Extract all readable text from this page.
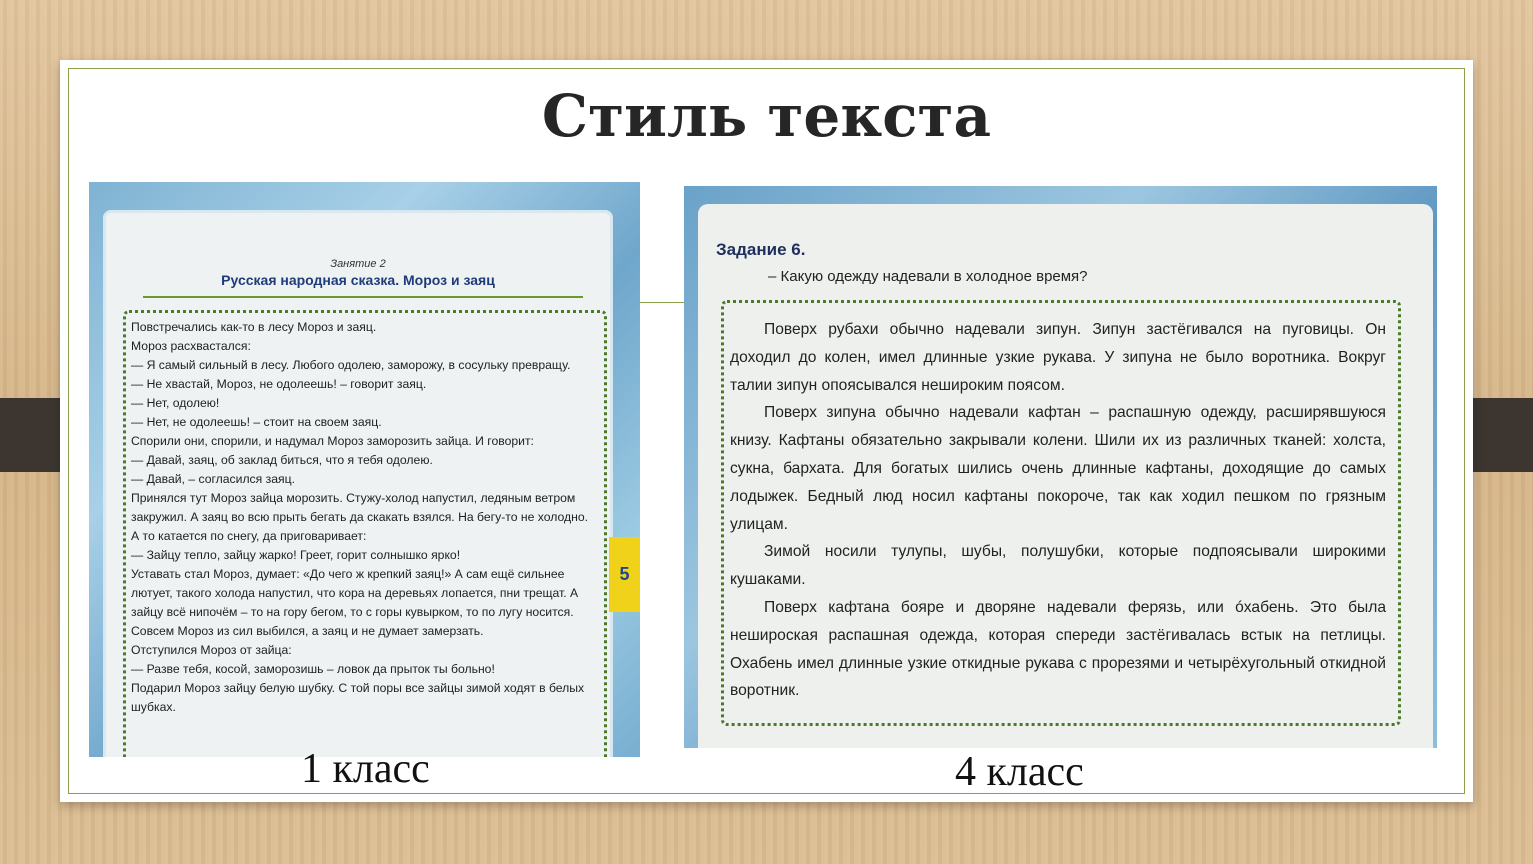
Стиль текста
Занятие 2
Русская народная сказка. Мороз и заяц

Повстречались как-то в лесу Мороз и заяц.

Мороз расхвастался:

— Я самый сильный в лесу. Любого одолею, заморожу, в сосульку превращу.

— Не хвастай, Мороз, не одолеешь! – говорит заяц.

— Нет, одолею!

— Нет, не одолеешь! – стоит на своем заяц.

Спорили они, спорили, и надумал Мороз заморозить зайца. И говорит:

— Давай, заяц, об заклад биться, что я тебя одолею.

— Давай, – согласился заяц.

Принялся тут Мороз зайца морозить. Стужу-холод напустил, ледяным ветром закружил. А заяц во всю прыть бегать да скакать взялся. На бегу-то не холодно. А то катается по снегу, да приговаривает:

— Зайцу тепло, зайцу жарко! Греет, горит солнышко ярко!

Уставать стал Мороз, думает: «До чего ж крепкий заяц!» А сам ещё сильнее лютует, такого холода напустил, что кора на деревьях лопается, пни трещат. А зайцу всё нипочём – то на гору бегом, то с горы кувырком, то по лугу носится.

Совсем Мороз из сил выбился, а заяц и не думает замерзать.

Отступился Мороз от зайца:

— Разве тебя, косой, заморозишь – ловок да прыток ты больно!

Подарил Мороз зайцу белую шубку. С той поры все зайцы зимой ходят в белых шубках.

5
1 класс
Задание 6.
– Какую одежду надевали в холодное время?

Поверх рубахи обычно надевали зипун. Зипун застёгивался на пуговицы. Он доходил до колен, имел длинные узкие рукава. У зипуна не было воротника. Вокруг талии зипун опоясывался нешироким поясом.

Поверх зипуна обычно надевали кафтан – распашную одежду, расширявшуюся книзу. Кафтаны обязательно закрывали колени. Шили их из различных тканей: холста, сукна, бархата. Для богатых шились очень длинные кафтаны, доходящие до самых лодыжек. Бедный люд носил кафтаны покороче, так как ходил пешком по грязным улицам.

Зимой носили тулупы, шубы, полушубки, которые подпоясывали широкими кушаками.

Поверх кафтана бояре и дворяне надевали ферязь, или óхабень. Это была нешироская распашная одежда, которая спереди застёгивалась встык на петлицы. Охабень имел длинные узкие откидные рукава с прорезями и четырёхугольный откидной воротник.

4 класс
